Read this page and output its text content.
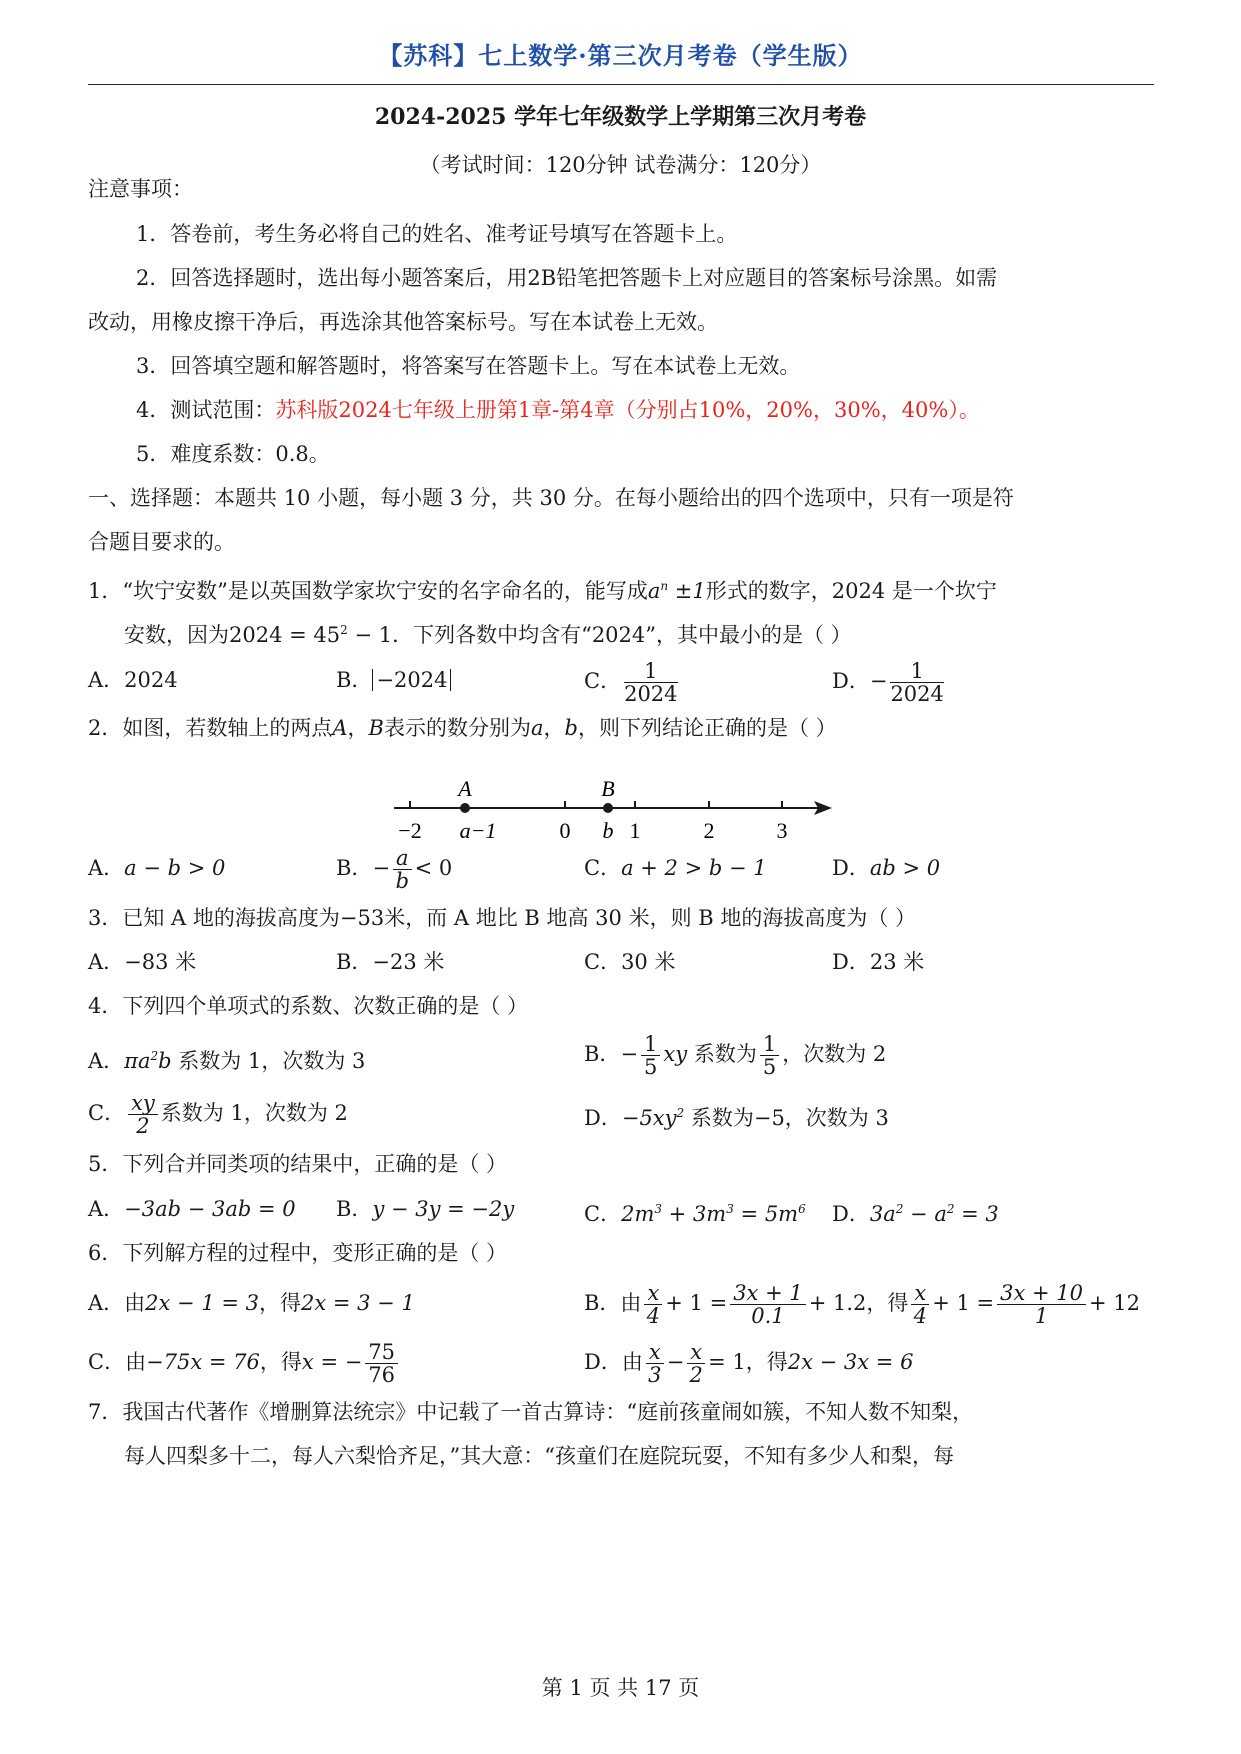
【苏科】七上数学·第三次月考卷（学生版）
2024-2025 学年七年级数学上学期第三次月考卷
（考试时间：120分钟 试卷满分：120分）
注意事项：
1．答卷前，考生务必将自己的姓名、准考证号填写在答题卡上。
2．回答选择题时，选出每小题答案后，用2B铅笔把答题卡上对应题目的答案标号涂黑。如需
改动，用橡皮擦干净后，再选涂其他答案标号。写在本试卷上无效。
3．回答填空题和解答题时，将答案写在答题卡上。写在本试卷上无效。
4．测试范围：苏科版2024七年级上册第1章-第4章（分别占10%，20%，30%，40%）。
5．难度系数：0.8。
一、选择题：本题共 10 小题，每小题 3 分，共 30 分。在每小题给出的四个选项中，只有一项是符
合题目要求的。
1．“坎宁安数”是以英国数学家坎宁安的名字命名的，能写成$a^n \pm 1$形式的数字，2024 是一个坎宁
安数，因为$2024 = 45^2 - 1$．下列各数中均含有“2024”，其中最小的是（ ）
A．2024	B． −2024	C． $\frac{1}{2024}$	D．− $\frac{1}{2024}$
2．如图，若数轴上的两点A，B表示的数分别为a，b，则下列结论正确的是（ ）
A	B
−2 a−1	0 b 1	2	3
A．a − b > 0	B．− $\frac{a}{b} < 0$	C．a + 2 > b − 1	D．ab > 0
3．已知 A 地的海拔高度为−53米，而 A 地比 B 地高 30 米，则 B 地的海拔高度为（ ）
A．−83 米	B．−23 米	C．30 米	D．23 米
4．下列四个单项式的系数、次数正确的是（ ）
A．$\pi a^2b$ 系数为 1，次数为 3	B．− $\frac{1}{5}$ xy 系数为 $\frac{1}{5}$ ，次数为 2
C． $\frac{xy}{2}$ 系数为 1，次数为 2	D．$-5xy^2$ 系数为−5，次数为 3
5．下列合并同类项的结果中，正确的是（ ）
A．−3ab − 3ab = 0 B．y − 3y = −2y	C．$2m^3 + 3m^3 = 5m^6$ D．$3a^2 - a^2 = 3$
6．下列解方程的过程中，变形正确的是（ ）
A．由2x − 1 = 3，得2x = 3 − 1	B．由 $\frac{x}{4} + 1 = \frac{3x + 1}{0.1} + 1.2$，得 $\frac{x}{4} + 1 = \frac{3x + 10}{1} + 12$
C．由−75x = 76，得x = − $\frac{75}{76}$	D．由 $\frac{x}{3} - \frac{x}{2} = 1$，得2x − 3x = 6
7．我国古代著作《增删算法统宗》中记载了一首古算诗：“庭前孩童闹如簇，不知人数不知梨，
每人四梨多十二，每人六梨恰齐足，”其大意：“孩童们在庭院玩耍，不知有多少人和梨，每
第 1 页 共 17 页
